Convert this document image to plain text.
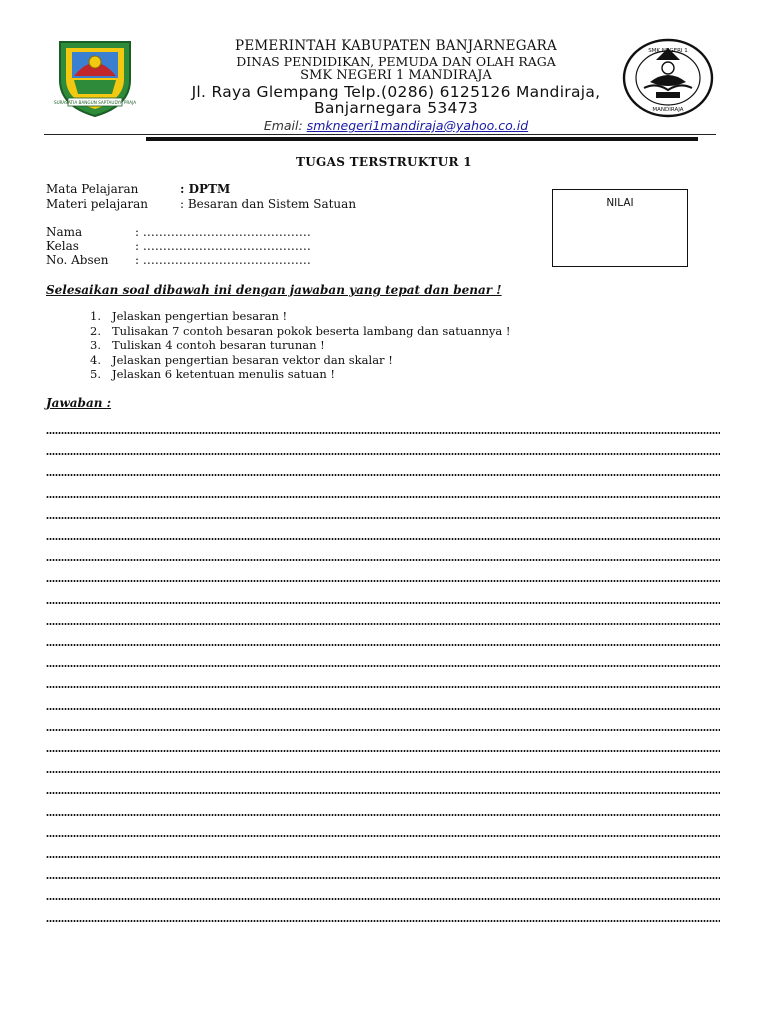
SURASATIA BANGUN SAPTAUDYA PRAJA
PEMERINTAH KABUPATEN BANJARNEGARA
DINAS PENDIDIKAN, PEMUDA DAN OLAH RAGA
SMK NEGERI 1 MANDIRAJA
Jl. Raya Glempang Telp.(0286) 6125126 Mandiraja,
Banjarnegara 53473
Email: smknegeri1mandiraja@yahoo.co.id
SMK NEGERI 1
MANDIRAJA
TUGAS TERSTRUKTUR 1
Mata Pelajaran	: DPTM
Materi pelajaran	: Besaran dan Sistem Satuan
Nama	: ……………………………………
Kelas	: ……………………………………
No. Absen : ……………………………………
NILAI
Selesaikan soal dibawah ini dengan jawaban yang tepat dan benar !
1. Jelaskan pengertian besaran !
2. Tulisakan 7 contoh besaran pokok beserta lambang dan satuannya !
3. Tuliskan 4 contoh besaran turunan !
4. Jelaskan pengertian besaran vektor dan skalar !
5. Jelaskan 6 ketentuan menulis satuan !
Jawaban :
